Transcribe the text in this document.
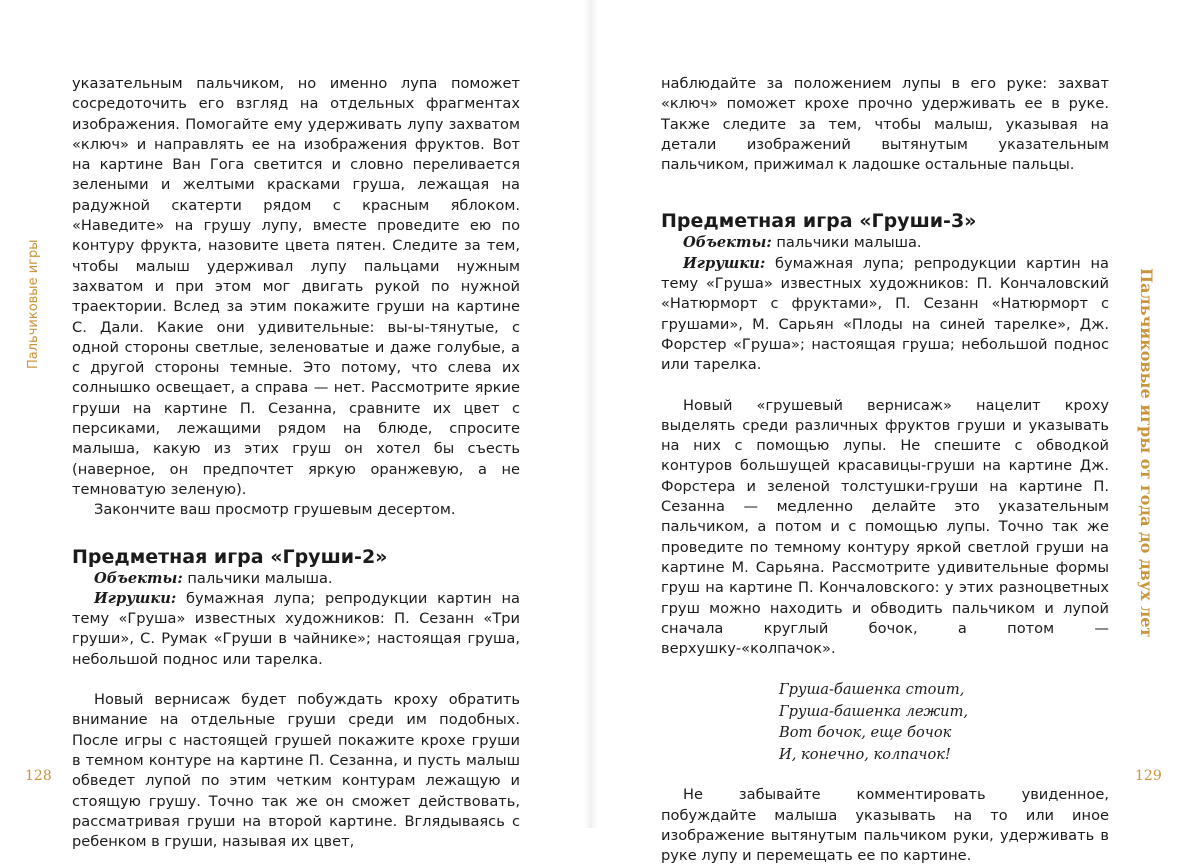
Пальчиковые игры

указательным пальчиком, но именно лупа поможет сосредоточить его взгляд на отдельных фрагментах изображения. Помогайте ему удерживать лупу захватом «ключ» и направлять ее на изображения фруктов. Вот на картине Ван Гога светится и словно переливается зелеными и желтыми красками груша, лежащая на радужной скатерти рядом с красным яблоком. «Наведите» на грушу лупу, вместе проведите ею по контуру фрукта, назовите цвета пятен. Следите за тем, чтобы малыш удерживал лупу пальцами нужным захватом и при этом мог двигать рукой по нужной траектории. Вслед за этим покажите груши на картине С. Дали. Какие они удивительные: вы-ы-тянутые, с одной стороны светлые, зеленоватые и даже голубые, а с другой стороны темные. Это потому, что слева их солнышко освещает, а справа — нет. Рассмотрите яркие груши на картине П. Сезанна, сравните их цвет с персиками, лежащими рядом на блюде, спросите малыша, какую из этих груш он хотел бы съесть (наверное, он предпочтет яркую оранжевую, а не темноватую зеленую).

Закончите ваш просмотр грушевым десертом.

Предметная игра «Груши-2»

Объекты: пальчики малыша.

Игрушки: бумажная лупа; репродукции картин на тему «Груша» известных художников: П. Сезанн «Три груши», С. Румак «Груши в чайнике»; настоящая груша, небольшой поднос или тарелка.

Новый вернисаж будет побуждать кроху обратить внимание на отдельные груши среди им подобных. После игры с настоящей грушей покажите крохе груши в темном контуре на картине П. Сезанна, и пусть малыш обведет лупой по этим четким контурам лежащую и стоящую грушу. Точно так же он сможет действовать, рассматривая груши на второй картине. Вглядываясь с ребенком в груши, называя их цвет,

128

наблюдайте за положением лупы в его руке: захват «ключ» поможет крохе прочно удерживать ее в руке. Также следите за тем, чтобы малыш, указывая на детали изображений вытянутым указательным пальчиком, прижимал к ладошке остальные пальцы.

Предметная игра «Груши-3»

Объекты: пальчики малыша.

Игрушки: бумажная лупа; репродукции картин на тему «Груша» известных художников: П. Кончаловский «Натюрморт с фруктами», П. Сезанн «Натюрморт с грушами», М. Сарьян «Плоды на синей тарелке», Дж. Форстер «Груша»; настоящая груша; небольшой поднос или тарелка.

Новый «грушевый вернисаж» нацелит кроху выделять среди различных фруктов груши и указывать на них с помощью лупы. Не спешите с обводкой контуров большущей красавицы-груши на картине Дж. Форстера и зеленой толстушки-груши на картине П. Сезанна — медленно делайте это указательным пальчиком, а потом и с помощью лупы. Точно так же проведите по темному контуру яркой светлой груши на картине М. Сарьяна. Рассмотрите удивительные формы груш на картине П. Кончаловского: у этих разноцветных груш можно находить и обводить пальчиком и лупой сначала круглый бочок, а потом — верхушку-«колпачок».

Груша-башенка стоит,
Груша-башенка лежит,
Вот бочок, еще бочок
И, конечно, колпачок!

Не забывайте комментировать увиденное, побуждайте малыша указывать на то или иное изображение вытянутым пальчиком руки, удерживать в руке лупу и перемещать ее по картине.

129
Пальчиковые игры от года до двух лет
